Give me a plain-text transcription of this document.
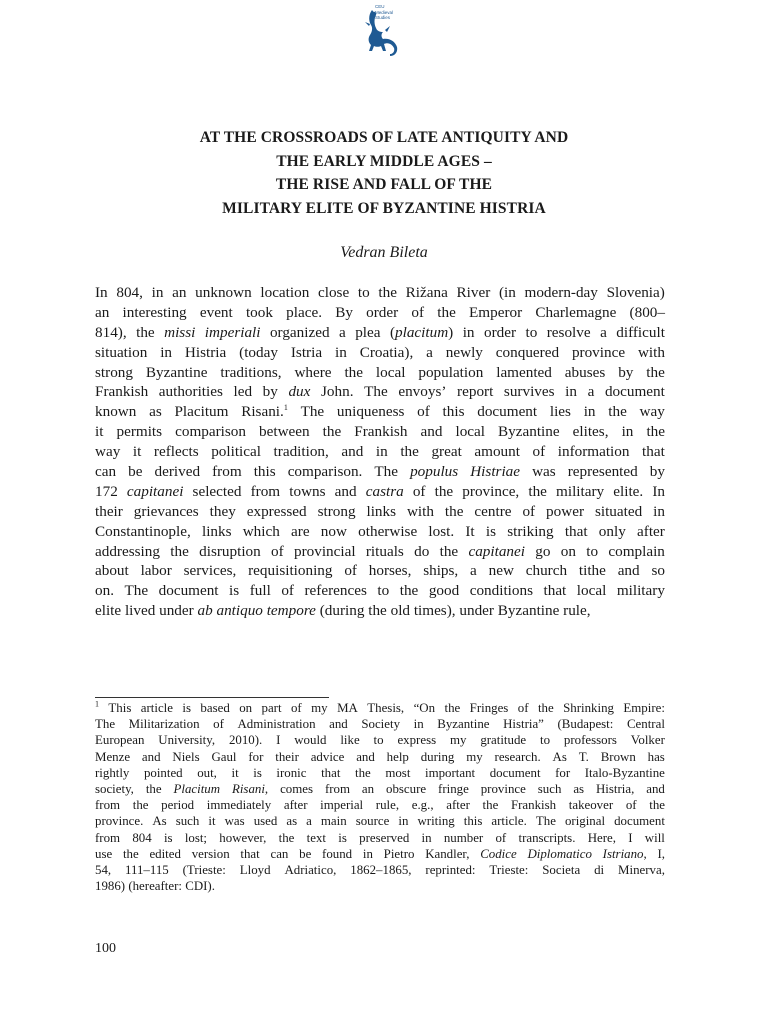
CEU
Medieval
Studies
AT THE CROSSROADS OF LATE ANTIQUITY AND
THE EARLY MIDDLE AGES –
THE RISE AND FALL OF THE
MILITARY ELITE OF BYZANTINE HISTRIA
Vedran Bileta
In 804, in an unknown location close to the Rižana River (in modern-day Slovenia)
an interesting event took place. By order of the Emperor Charlemagne (800–
814), the missi imperiali organized a plea (placitum) in order to resolve a difficult
situation in Histria (today Istria in Croatia), a newly conquered province with
strong Byzantine traditions, where the local population lamented abuses by the
Frankish authorities led by dux John. The envoys’ report survives in a document
known as Placitum Risani.$^1$ The uniqueness of this document lies in the way
it permits comparison between the Frankish and local Byzantine elites, in the
way it reflects political tradition, and in the great amount of information that
can be derived from this comparison. The populus Histriae was represented by
172 capitanei selected from towns and castra of the province, the military elite. In
their grievances they expressed strong links with the centre of power situated in
Constantinople, links which are now otherwise lost. It is striking that only after
addressing the disruption of provincial rituals do the capitanei go on to complain
about labor services, requisitioning of horses, ships, a new church tithe and so
on. The document is full of references to the good conditions that local military
elite
lived
under
ab
antiquo
tempore
(during
the
old
times),
under
Byzantine
rule,
$^1$ This article is based on part of my MA Thesis, “On the Fringes of the Shrinking Empire:
The Militarization of Administration and Society in Byzantine Histria” (Budapest: Central
European University, 2010). I would like to express my gratitude to professors Volker
Menze and Niels Gaul for their advice and help during my research. As T. Brown has
rightly pointed out, it is ironic that the most important document for Italo-Byzantine
society, the Placitum Risani, comes from an obscure fringe province such as Histria, and
from the period immediately after imperial rule, e.g., after the Frankish takeover of the
province. As such it was used as a main source in writing this article. The original document
from 804 is lost; however, the text is preserved in number of transcripts. Here, I will
use the edited version that can be found in Pietro Kandler, Codice Diplomatico Istriano, I,
54, 111–115 (Trieste: Lloyd Adriatico, 1862–1865, reprinted: Trieste: Societa di Minerva,
1986)
(hereafter:
CDI).
100
